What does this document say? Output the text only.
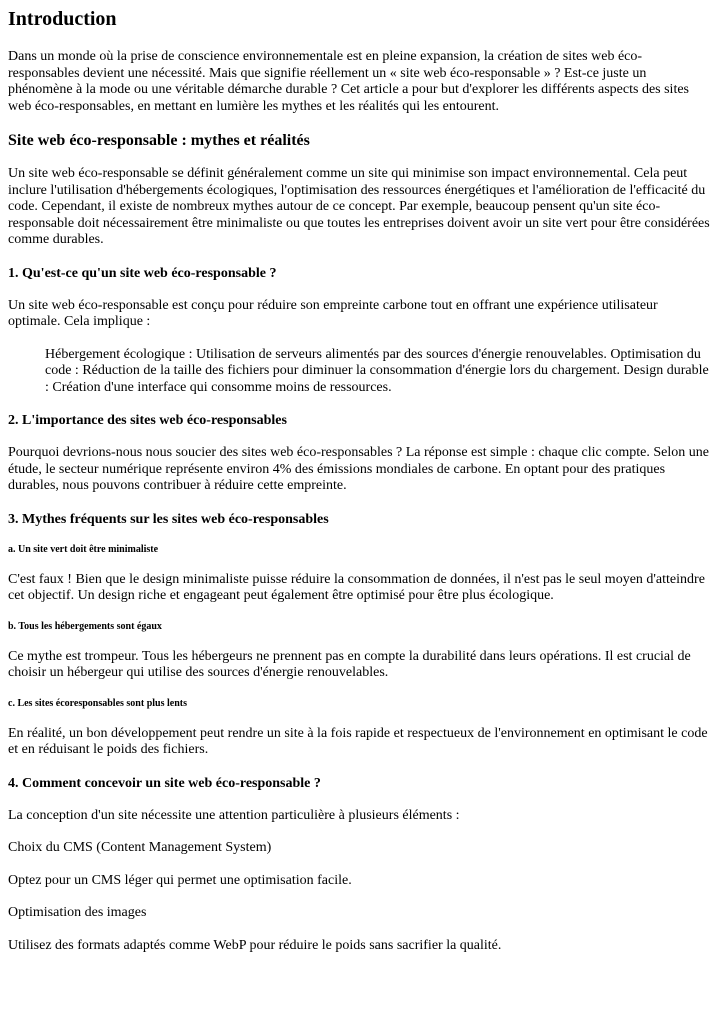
Introduction

Dans un monde où la prise de conscience environnementale est en pleine expansion, la création de sites web éco-responsables devient une nécessité. Mais que signifie réellement un « site web éco-responsable » ? Est-ce juste un phénomène à la mode ou une véritable démarche durable ? Cet article a pour but d'explorer les différents aspects des sites web éco-responsables, en mettant en lumière les mythes et les réalités qui les entourent.

Site web éco-responsable : mythes et réalités

Un site web éco-responsable se définit généralement comme un site qui minimise son impact environnemental. Cela peut inclure l'utilisation d'hébergements écologiques, l'optimisation des ressources énergétiques et l'amélioration de l'efficacité du code. Cependant, il existe de nombreux mythes autour de ce concept. Par exemple, beaucoup pensent qu'un site éco-responsable doit nécessairement être minimaliste ou que toutes les entreprises doivent avoir un site vert pour être considérées comme durables.

1. Qu'est-ce qu'un site web éco-responsable ?

Un site web éco-responsable est conçu pour réduire son empreinte carbone tout en offrant une expérience utilisateur optimale. Cela implique :

Hébergement écologique : Utilisation de serveurs alimentés par des sources d'énergie renouvelables. Optimisation du code : Réduction de la taille des fichiers pour diminuer la consommation d'énergie lors du chargement. Design durable : Création d'une interface qui consomme moins de ressources.
2. L'importance des sites web éco-responsables

Pourquoi devrions-nous nous soucier des sites web éco-responsables ? La réponse est simple : chaque clic compte. Selon une étude, le secteur numérique représente environ 4% des émissions mondiales de carbone. En optant pour des pratiques durables, nous pouvons contribuer à réduire cette empreinte.

3. Mythes fréquents sur les sites web éco-responsables
a. Un site vert doit être minimaliste

C'est faux ! Bien que le design minimaliste puisse réduire la consommation de données, il n'est pas le seul moyen d'atteindre cet objectif. Un design riche et engageant peut également être optimisé pour être plus écologique.

b. Tous les hébergements sont égaux

Ce mythe est trompeur. Tous les hébergeurs ne prennent pas en compte la durabilité dans leurs opérations. Il est crucial de choisir un hébergeur qui utilise des sources d'énergie renouvelables.

c. Les sites écoresponsables sont plus lents

En réalité, un bon développement peut rendre un site à la fois rapide et respectueux de l'environnement en optimisant le code et en réduisant le poids des fichiers.

4. Comment concevoir un site web éco-responsable ?

La conception d'un site nécessite une attention particulière à plusieurs éléments :

Choix du CMS (Content Management System)

Optez pour un CMS léger qui permet une optimisation facile.

Optimisation des images

Utilisez des formats adaptés comme WebP pour réduire le poids sans sacrifier la qualité.
